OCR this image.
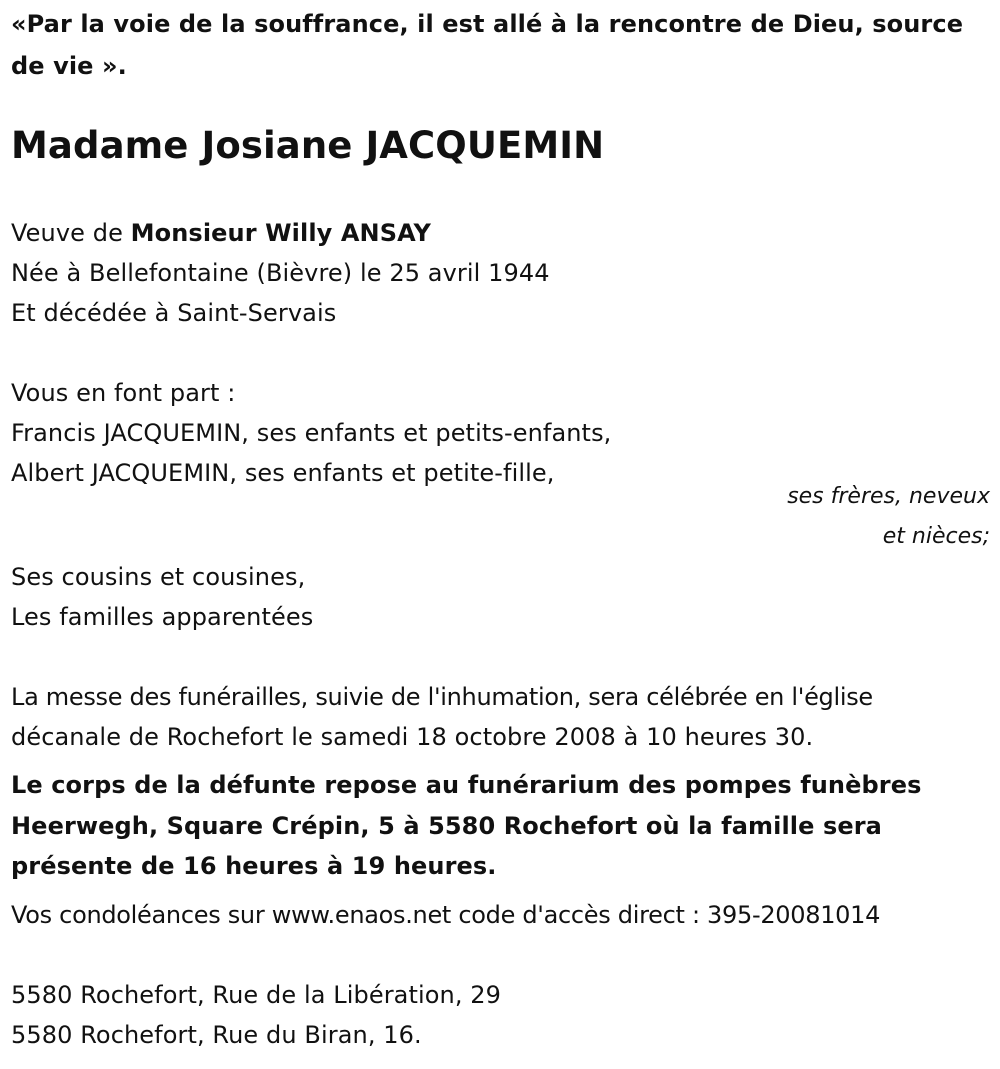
«Par la voie de la souffrance, il est allé à la rencontre de Dieu, source

de vie ».

Madame Josiane JACQUEMIN

Veuve de Monsieur Willy ANSAY

Née à Bellefontaine (Bièvre) le 25 avril 1944

Et décédée à Saint-Servais

Vous en font part :

Francis JACQUEMIN, ses enfants et petits-enfants,

Albert JACQUEMIN, ses enfants et petite-fille,

ses frères, neveux

et nièces;

Ses cousins et cousines,

Les familles apparentées

La messe des funérailles, suivie de l'inhumation, sera célébrée en l'église

décanale de Rochefort le samedi 18 octobre 2008 à 10 heures 30.

Le corps de la défunte repose au funérarium des pompes funèbres

Heerwegh, Square Crépin, 5 à 5580 Rochefort où la famille sera

présente de 16 heures à 19 heures.

Vos condoléances sur www.enaos.net code d'accès direct : 395-20081014

5580 Rochefort, Rue de la Libération, 29

5580 Rochefort, Rue du Biran, 16.
